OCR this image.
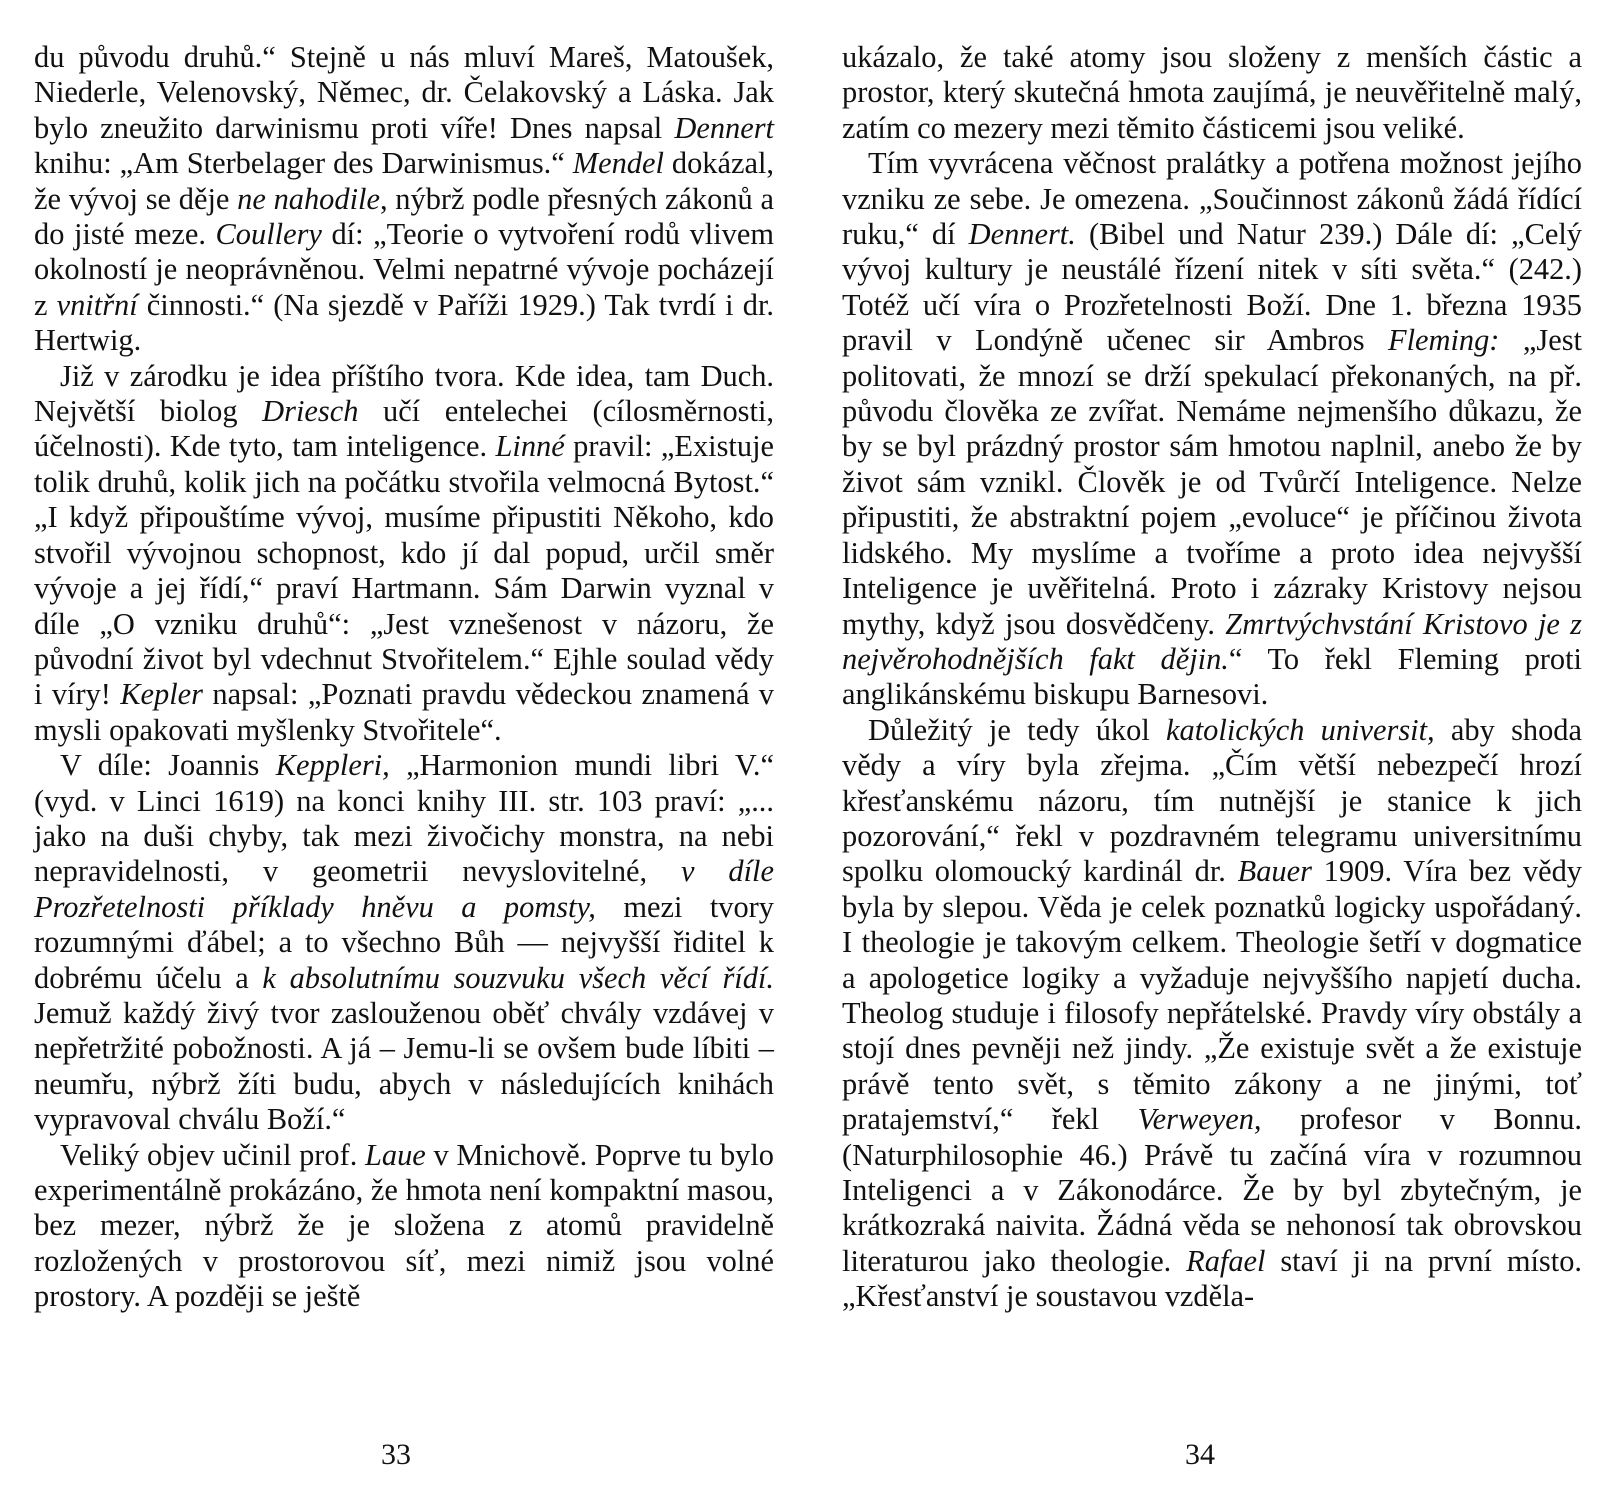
du původu druhů.“ Stejně u nás mluví Mareš, Matoušek, Niederle, Velenovský, Němec, dr. Čelakovský a Láska. Jak bylo zneužito darwinismu proti víře! Dnes napsal Dennert knihu: „Am Sterbelager des Darwinismus.“ Mendel dokázal, že vývoj se děje ne nahodile, nýbrž podle přesných zákonů a do jisté meze. Coullery dí: „Teorie o vytvoření rodů vlivem okolností je neoprávněnou. Velmi nepatrné vývoje pocházejí z vnitřní činnosti.“ (Na sjezdě v Paříži 1929.) Tak tvrdí i dr. Hertwig.

Již v zárodku je idea příštího tvora. Kde idea, tam Duch. Největší biolog Driesch učí entelechei (cílosměrnosti, účelnosti). Kde tyto, tam inteligence. Linné pravil: „Existuje tolik druhů, kolik jich na počátku stvořila velmocná Bytost.“ „I když připouštíme vývoj, musíme připustiti Někoho, kdo stvořil vývojnou schopnost, kdo jí dal popud, určil směr vývoje a jej řídí,“ praví Hartmann. Sám Darwin vyznal v díle „O vzniku druhů“: „Jest vznešenost v názoru, že původní život byl vdechnut Stvořitelem.“ Ejhle soulad vědy i víry! Kepler napsal: „Poznati pravdu vědeckou znamená v mysli opakovati myšlenky Stvořitele“.

V díle: Joannis Keppleri, „Harmonion mundi libri V.“ (vyd. v Linci 1619) na konci knihy III. str. 103 praví: „... jako na duši chyby, tak mezi živočichy monstra, na nebi nepravidelnosti, v geometrii nevyslovitelné, v díle Prozřetelnosti příklady hněvu a pomsty, mezi tvory rozumnými ďábel; a to všechno Bůh — nejvyšší řiditel k dobrému účelu a k absolutnímu souzvuku všech věcí řídí. Jemuž každý živý tvor zaslouženou oběť chvály vzdávej v nepřetržité pobožnosti. A já – Jemu-li se ovšem bude líbiti – neumřu, nýbrž žíti budu, abych v následujících knihách vypravoval chválu Boží.“

Veliký objev učinil prof. Laue v Mnichově. Poprve tu bylo experimentálně prokázáno, že hmota není kompaktní masou, bez mezer, nýbrž že je složena z atomů pravidelně rozložených v prostorovou síť, mezi nimiž jsou volné prostory. A později se ještě

33

ukázalo, že také atomy jsou složeny z menších částic a prostor, který skutečná hmota zaujímá, je neuvěřitelně malý, zatím co mezery mezi těmito částicemi jsou veliké.

Tím vyvrácena věčnost pralátky a potřena možnost jejího vzniku ze sebe. Je omezena. „Součinnost zákonů žádá řídící ruku,“ dí Dennert. (Bibel und Natur 239.) Dále dí: „Celý vývoj kultury je neustálé řízení nitek v síti světa.“ (242.) Totéž učí víra o Prozřetelnosti Boží. Dne 1. března 1935 pravil v Londýně učenec sir Ambros Fleming: „Jest politovati, že mnozí se drží spekulací překonaných, na př. původu člověka ze zvířat. Nemáme nejmenšího důkazu, že by se byl prázdný prostor sám hmotou naplnil, anebo že by život sám vznikl. Člověk je od Tvůrčí Inteligence. Nelze připustiti, že abstraktní pojem „evoluce“ je příčinou života lidského. My myslíme a tvoříme a proto idea nejvyšší Inteligence je uvěřitelná. Proto i zázraky Kristovy nejsou mythy, když jsou dosvědčeny. Zmrtvýchvstání Kristovo je z nejvěrohodnějších fakt dějin.“ To řekl Fleming proti anglikánskému biskupu Barnesovi.

Důležitý je tedy úkol katolických universit, aby shoda vědy a víry byla zřejma. „Čím větší nebezpečí hrozí křesťanskému názoru, tím nutnější je stanice k jich pozorování,“ řekl v pozdravném telegramu universitnímu spolku olomoucký kardinál dr. Bauer 1909. Víra bez vědy byla by slepou. Věda je celek poznatků logicky uspořádaný. I theologie je takovým celkem. Theologie šetří v dogmatice a apologetice logiky a vyžaduje nejvyššího napjetí ducha. Theolog studuje i filosofy nepřátelské. Pravdy víry obstály a stojí dnes pevněji než jindy. „Že existuje svět a že existuje právě tento svět, s těmito zákony a ne jinými, toť pratajemství,“ řekl Verweyen, profesor v Bonnu. (Naturphilosophie 46.) Právě tu začíná víra v rozumnou Inteligenci a v Zákonodárce. Že by byl zbytečným, je krátkozraká naivita. Žádná věda se nehonosí tak obrovskou literaturou jako theologie. Rafael staví ji na první místo. „Křesťanství je soustavou vzděla-

34
